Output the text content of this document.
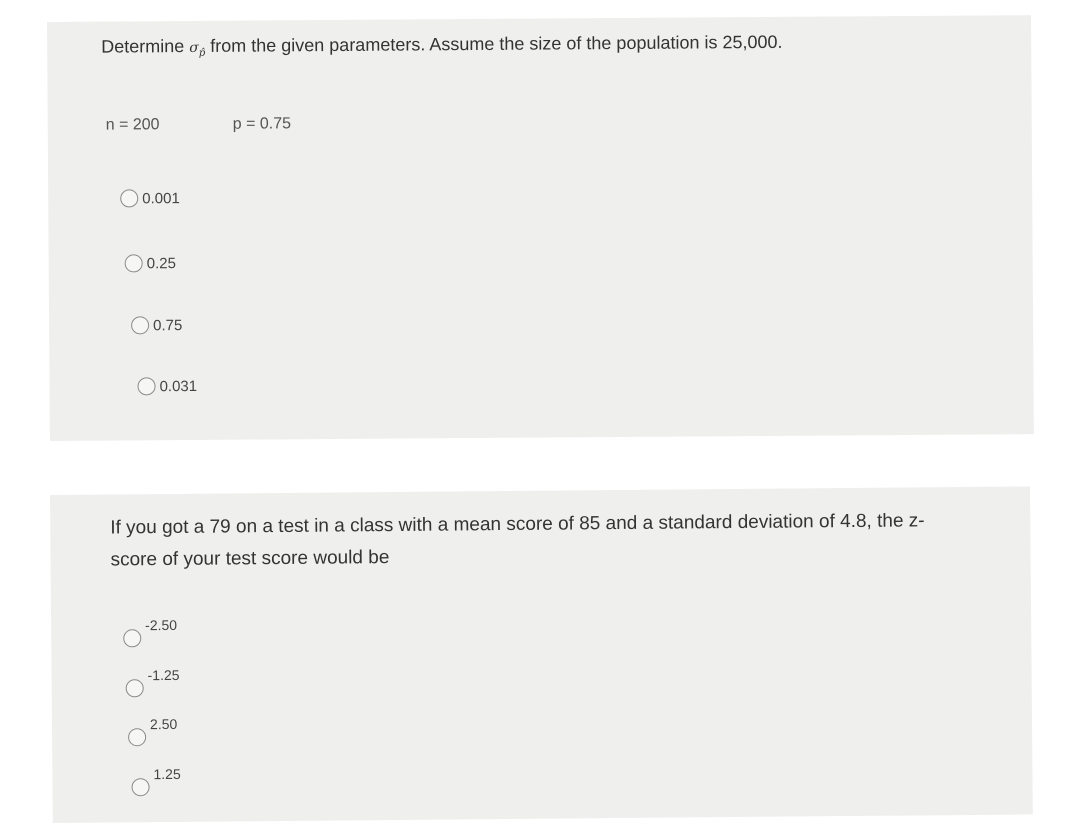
Determine $\sigma_{p̂}$ from the given parameters. Assume the size of the population is 25,000.
n = 200	p = 0.75
0.001
0.25
0.75
0.031
If you got a 79 on a test in a class with a mean score of 85 and a standard deviation of 4.8, the z-score of your test score would be
-2.50
-1.25
2.50
1.25
